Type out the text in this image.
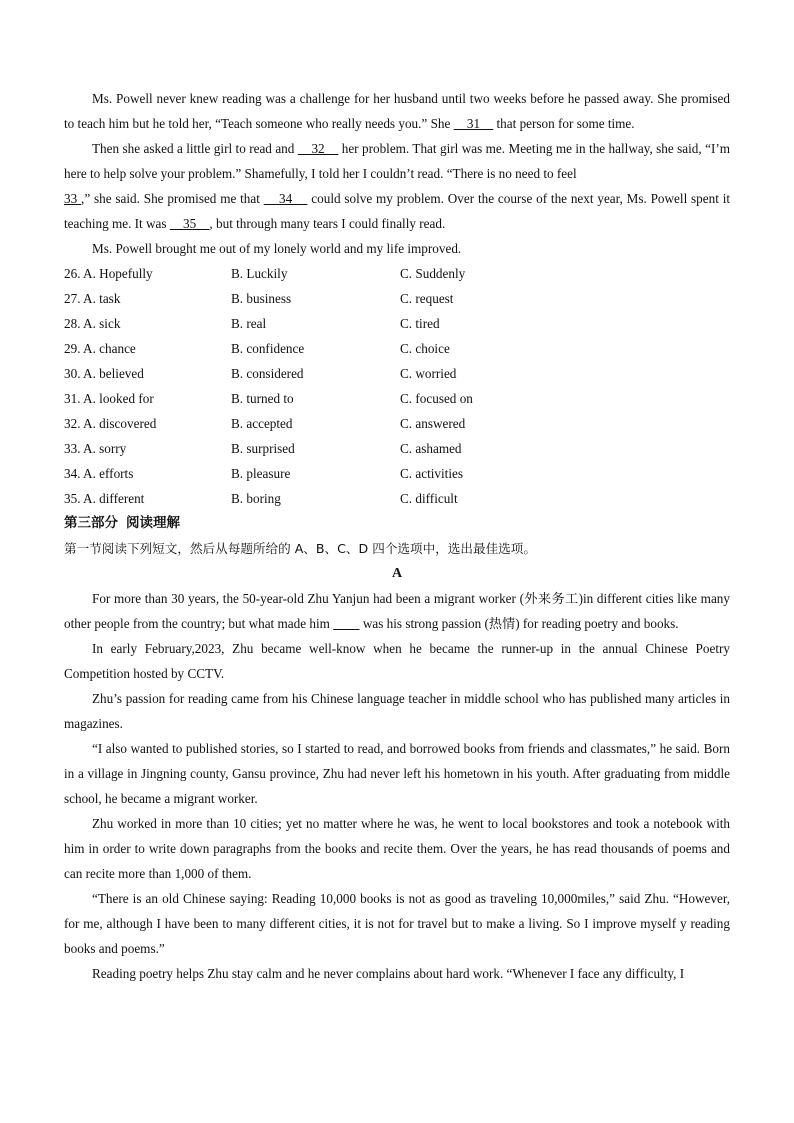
Ms. Powell never knew reading was a challenge for her husband until two weeks before he passed away. She promised to teach him but he told her, “Teach someone who really needs you.” She     31     that person for some time.

Then she asked a little girl to read and     32     her problem. That girl was me. Meeting me in the hallway, she said, “I’m here to help solve your problem.” Shamefully, I told her I couldn’t read. “There is no need to feel
33 ,” she said. She promised me that     34     could solve my problem. Over the course of the next year, Ms. Powell spent it teaching me. It was     35    , but through many tears I could finally read.

Ms. Powell brought me out of my lonely world and my life improved.

26. A. Hopefully	B. Luckily	C. Suddenly
27. A. task	B. business	C. request
28. A. sick	B. real	C. tired
29. A. chance	B. confidence	C. choice
30. A. believed	B. considered	C. worried
31. A. looked for	B. turned to	C. focused on
32. A. discovered	B. accepted	C. answered
33. A. sorry	B. surprised	C. ashamed
34. A. efforts	B. pleasure	C. activities
35. A. different	B. boring	C. difficult
第三部分 阅读理解
第一节阅读下列短文，然后从每题所给的 A、B、C、D 四个选项中，选出最佳选项。
A

For more than 30 years, the 50-year-old Zhu Yanjun had been a migrant worker (外来务工)in different cities like many other people from the country; but what made him          was his strong passion (热情) for reading poetry and books.

In early February,2023, Zhu became well-know when he became the runner-up in the annual Chinese Poetry Competition hosted by CCTV.

Zhu’s passion for reading came from his Chinese language teacher in middle school who has published many articles in magazines.

“I also wanted to published stories, so I started to read, and borrowed books from friends and classmates,” he said. Born in a village in Jingning county, Gansu province, Zhu had never left his hometown in his youth. After graduating from middle school, he became a migrant worker.

Zhu worked in more than 10 cities; yet no matter where he was, he went to local bookstores and took a notebook with him in order to write down paragraphs from the books and recite them. Over the years, he has read thousands of poems and can recite more than 1,000 of them.

“There is an old Chinese saying: Reading 10,000 books is not as good as traveling 10,000miles,” said Zhu. “However, for me, although I have been to many different cities, it is not for travel but to make a living. So I improve myself y reading books and poems.”

Reading poetry helps Zhu stay calm and he never complains about hard work. “Whenever I face any difficulty, I
